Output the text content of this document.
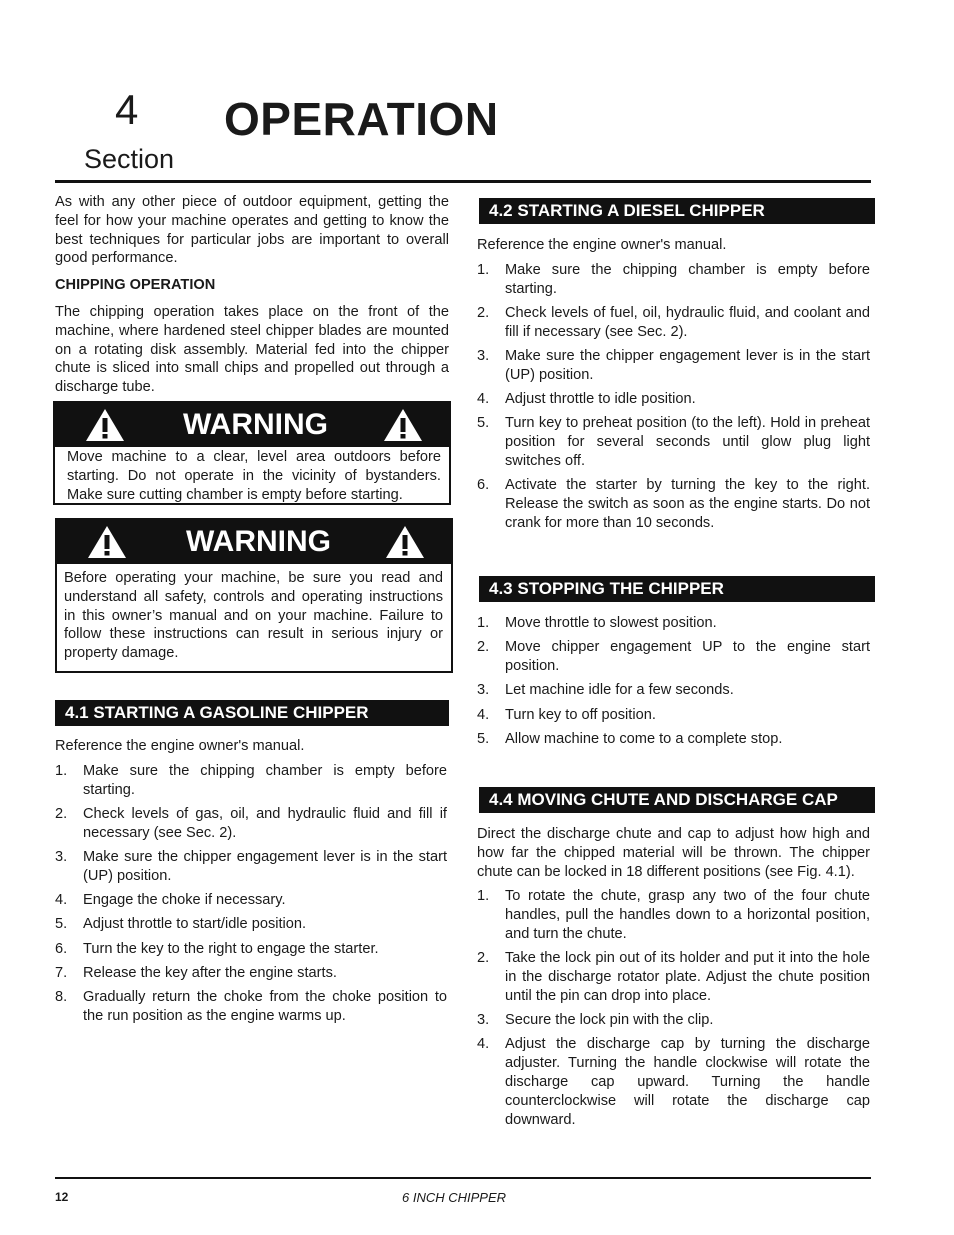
4
Section
OPERATION

As with any other piece of outdoor equipment, getting the feel for how your machine operates and getting to know the best techniques for particular jobs are important to overall good performance.

CHIPPING OPERATION

The chipping operation takes place on the front of the machine, where hardened steel chipper blades are mounted on a rotating disk assembly. Material fed into the chipper chute is sliced into small chips and propelled out through a discharge tube.

WARNING
Move machine to a clear, level area outdoors before starting. Do not operate in the vicinity of bystanders. Make sure cutting chamber is empty before starting.
WARNING
Before operating your machine, be sure you read and understand all safety, controls and operating instructions in this owner’s manual and on your machine. Failure to follow these instructions can result in serious injury or property damage.
4.1 STARTING A GASOLINE CHIPPER

Reference the engine owner's manual.

1. Make sure the chipping chamber is empty before starting.
2. Check levels of gas, oil, and hydraulic fluid and fill if necessary (see Sec. 2).
3. Make sure the chipper engagement lever is in the start (UP) position.
4. Engage the choke if necessary.
5. Adjust throttle to start/idle position.
6. Turn the key to the right to engage the starter.
7. Release the key after the engine starts.
8. Gradually return the choke from the choke position to the run position as the engine warms up.
4.2 STARTING A DIESEL CHIPPER

Reference the engine owner's manual.

1. Make sure the chipping chamber is empty before starting.
2. Check levels of fuel, oil, hydraulic fluid, and coolant and fill if necessary (see Sec. 2).
3. Make sure the chipper engagement lever is in the start (UP) position.
4. Adjust throttle to idle position.
5. Turn key to preheat position (to the left). Hold in preheat position for several seconds until glow plug light switches off.
6. Activate the starter by turning the key to the right. Release the switch as soon as the engine starts. Do not crank for more than 10 seconds.
4.3 STOPPING THE CHIPPER
1. Move throttle to slowest position.
2. Move chipper engagement UP to the engine start position.
3. Let machine idle for a few seconds.
4. Turn key to off position.
5. Allow machine to come to a complete stop.
4.4 MOVING CHUTE AND DISCHARGE CAP

Direct the discharge chute and cap to adjust how high and how far the chipped material will be thrown. The chipper chute can be locked in 18 different positions (see Fig. 4.1).

1. To rotate the chute, grasp any two of the four chute handles, pull the handles down to a horizontal position, and turn the chute.
2. Take the lock pin out of its holder and put it into the hole in the discharge rotator plate. Adjust the chute position until the pin can drop into place.
3. Secure the lock pin with the clip.
4. Adjust the discharge cap by turning the discharge adjuster. Turning the handle clockwise will rotate the discharge cap upward. Turning the handle counterclockwise will rotate the discharge cap downward.
12	6 INCH CHIPPER
